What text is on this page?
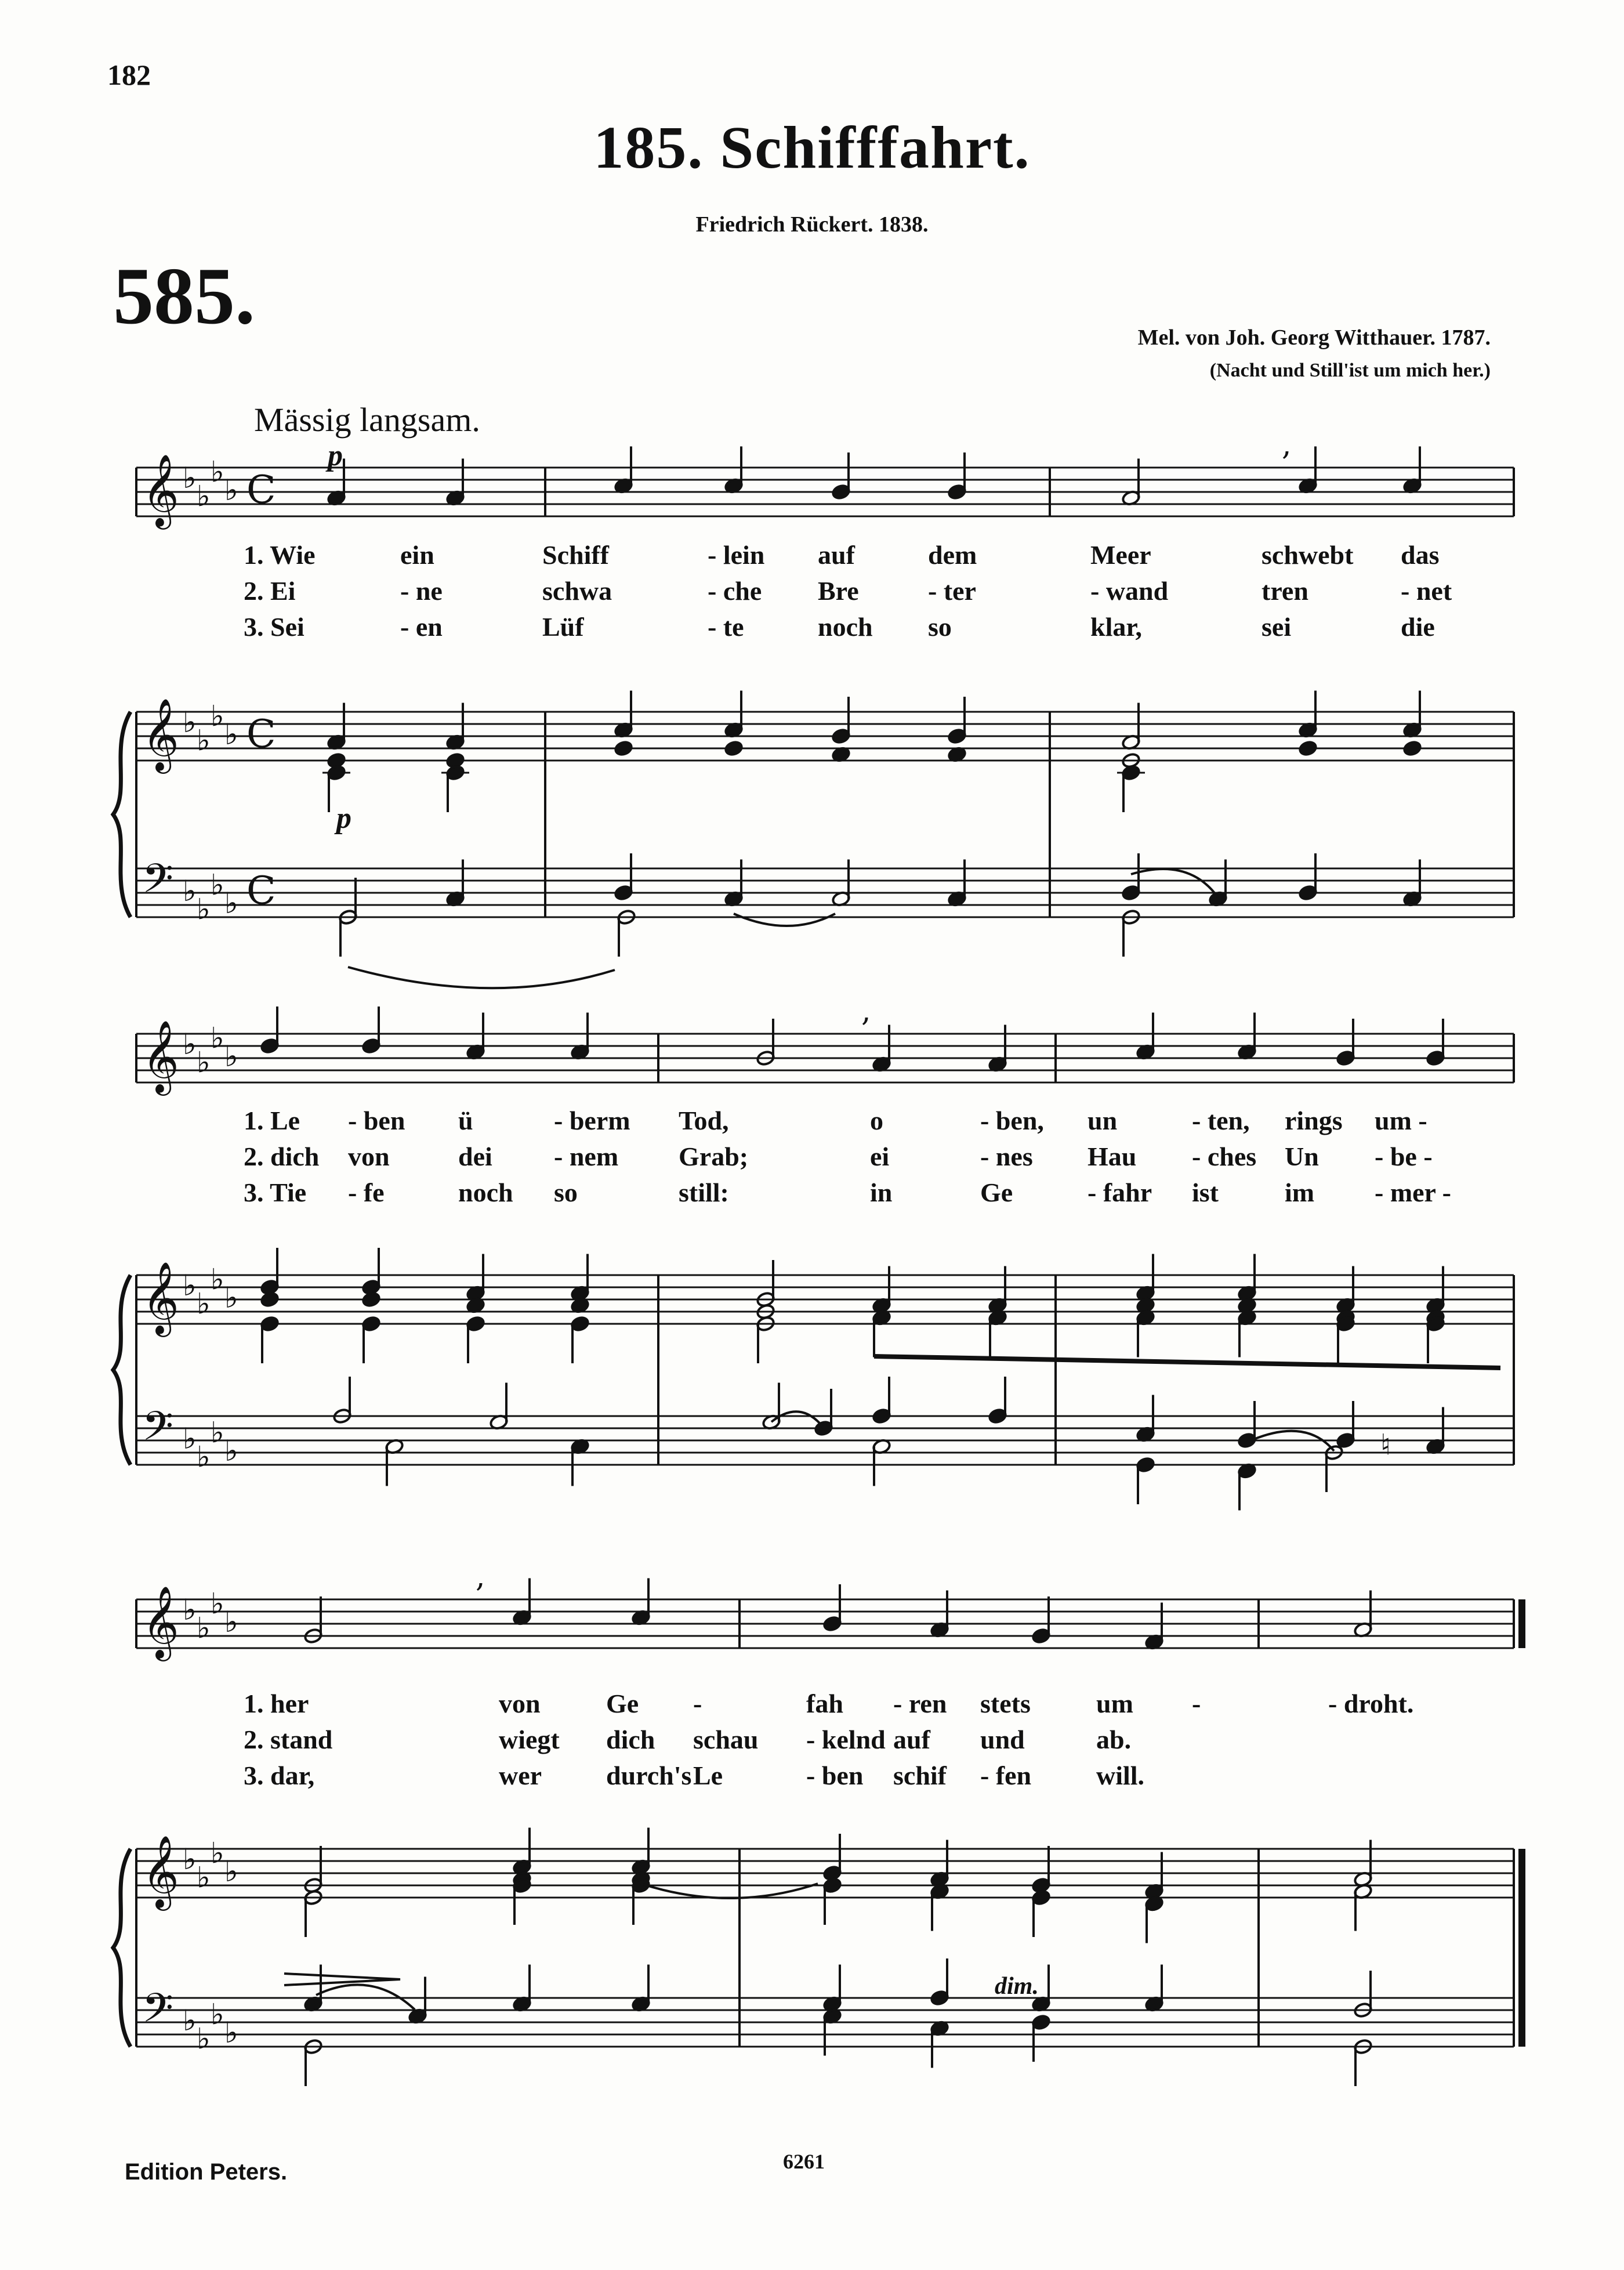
182
185. Schifffahrt.
Friedrich Rückert. 1838.
585.	Mel. von Joh. Georg Witthauer. 1787.
(Nacht und Still'ist um mich her.)
Mässig langsam.
𝄞
𝄞
𝄢
♭
♭
♭
♭
♭
♭
♭
♭
♭
♭
♭
♭
C
C
C
𝄞
𝄞
𝄢
♭
♭
♭
♭
♭
♭
♭
♭
♭
♭
♭
♭
𝄞
𝄞
𝄢
♭
♭
♭
♭
♭
♭
♭
♭
♭
♭
♭
♭
♮
p
p
dim.
,
,
,
1. Wie	ein	Schiff	- lein auf	dem	Meer	schwebt das
2. Ei	- ne	schwa	- che Bre	- ter	- wand	tren	- net
3. Sei	- en	Lüf	- te	noch so	klar,	sei	die
1. Le - ben ü	- berm Tod,	o	- ben, un	- ten, rings um -
2. dich von	dei - nem Grab;	ei	- nes Hau - ches Un - be -
3. Tie - fe	noch so	still:	in	Ge	- fahr ist im - mer -
1. her	von Ge -	fah - ren stets um -	- droht.
2. stand	wiegt dich schau - kelnd auf und	ab.
3. dar,	wer durch's Le	- ben schif - fen will.
Edition Peters.	6261
